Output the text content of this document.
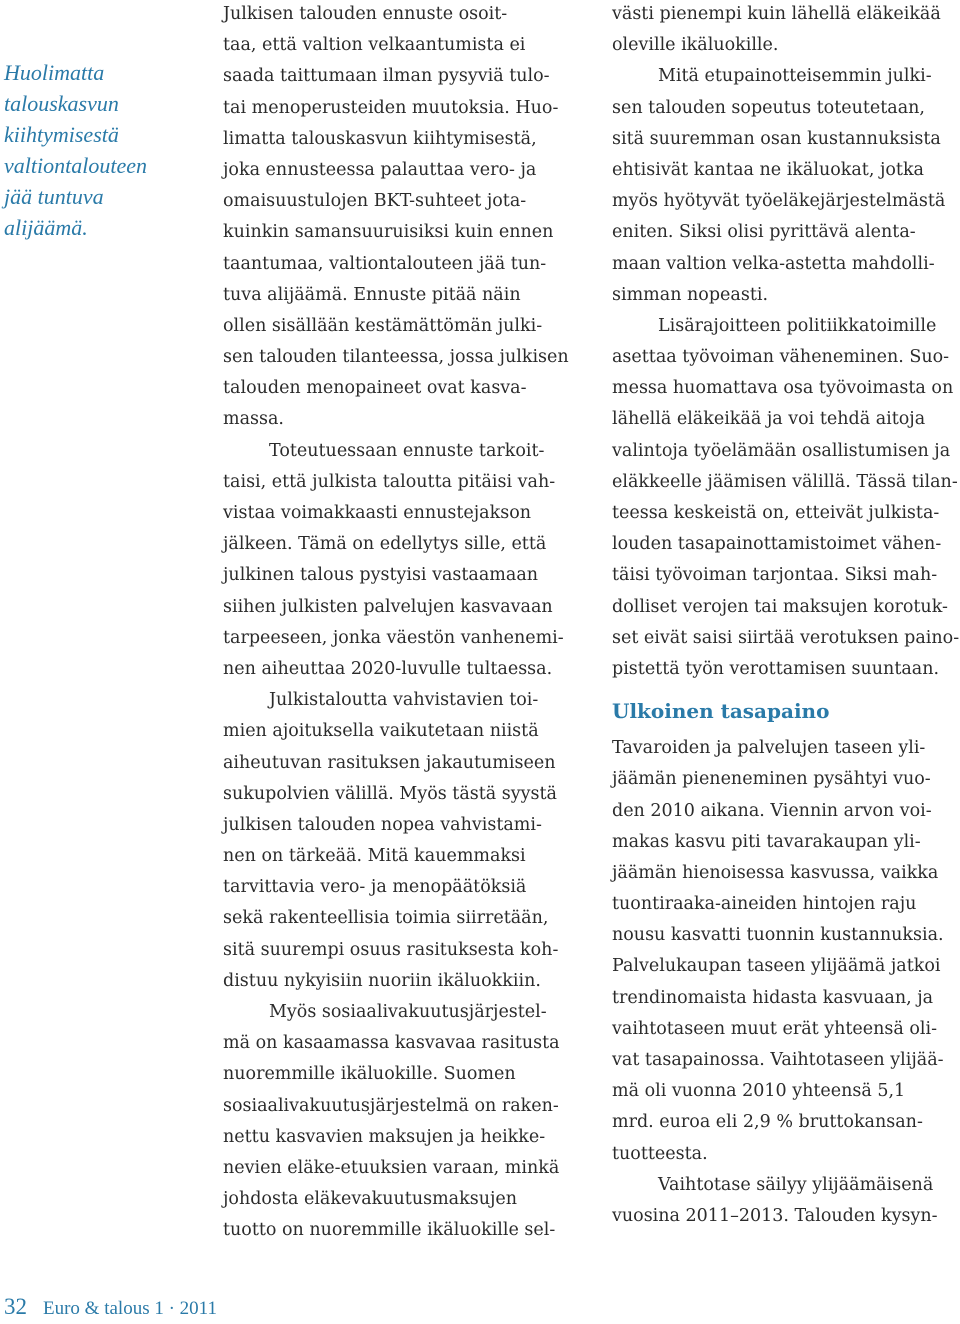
Huolimatta
talouskasvun
kiihtymisestä
valtiontalouteen
jää tuntuva
alijäämä.
Julkisen talouden ennuste osoit-
taa, että valtion velkaantumista ei
saada taittumaan ilman pysyviä tulo-
tai menoperusteiden muutoksia. Huo-
limatta talouskasvun kiihtymisestä,
joka ennusteessa palauttaa vero- ja
omaisuustulojen BKT-suhteet jota-
kuinkin samansuuruisiksi kuin ennen
taantumaa, valtiontalouteen jää tun-
tuva alijäämä. Ennuste pitää näin
ollen sisällään kestämättömän julki-
sen talouden tilanteessa, jossa julkisen
talouden menopaineet ovat kasva-
massa.
Toteutuessaan ennuste tarkoit-
taisi, että julkista taloutta pitäisi vah-
vistaa voimakkaasti ennustejakson
jälkeen. Tämä on edellytys sille, että
julkinen talous pystyisi vastaamaan
siihen julkisten palvelujen kasvavaan
tarpeeseen, jonka väestön vanhenemi-
nen aiheuttaa 2020-luvulle tultaessa.
Julkistaloutta vahvistavien toi-
mien ajoituksella vaikutetaan niistä
aiheutuvan rasituksen jakautumiseen
sukupolvien välillä. Myös tästä syystä
julkisen talouden nopea vahvistami-
nen on tärkeää. Mitä kauemmaksi
tarvittavia vero- ja menopäätöksiä
sekä rakenteellisia toimia siirretään,
sitä suurempi osuus rasituksesta koh-
distuu nykyisiin nuoriin ikäluokkiin.
Myös sosiaalivakuutusjärjestel-
mä on kasaamassa kasvavaa rasitusta
nuoremmille ikäluokille. Suomen
sosiaalivakuutusjärjestelmä on raken-
nettu kasvavien maksujen ja heikke-
nevien eläke-etuuksien varaan, minkä
johdosta eläkevakuutusmaksujen
tuotto on nuoremmille ikäluokille sel-
västi pienempi kuin lähellä eläkeikää
oleville ikäluokille.
Mitä etupainotteisemmin julki-
sen talouden sopeutus toteutetaan,
sitä suuremman osan kustannuksista
ehtisivät kantaa ne ikäluokat, jotka
myös hyötyvät työeläkejärjestelmästä
eniten. Siksi olisi pyrittävä alenta-
maan valtion velka-astetta mahdolli-
simman nopeasti.
Lisärajoitteen politiikkatoimille
asettaa työvoiman väheneminen. Suo-
messa huomattava osa työvoimasta on
lähellä eläkeikää ja voi tehdä aitoja
valintoja työelämään osallistumisen ja
eläkkeelle jäämisen välillä. Tässä tilan-
teessa keskeistä on, etteivät julkista-
louden tasapainottamistoimet vähen-
täisi työvoiman tarjontaa. Siksi mah-
dolliset verojen tai maksujen korotuk-
set eivät saisi siirtää verotuksen paino-
pistettä työn verottamisen suuntaan.
Ulkoinen tasapaino
Tavaroiden ja palvelujen taseen yli-
jäämän pieneneminen pysähtyi vuo-
den 2010 aikana. Viennin arvon voi-
makas kasvu piti tavarakaupan yli-
jäämän hienoisessa kasvussa, vaikka
tuontiraaka-aineiden hintojen raju
nousu kasvatti tuonnin kustannuksia.
Palvelukaupan taseen ylijäämä jatkoi
trendinomaista hidasta kasvuaan, ja
vaihtotaseen muut erät yhteensä oli-
vat tasapainossa. Vaihtotaseen ylijää-
mä oli vuonna 2010 yhteensä 5,1
mrd. euroa eli 2,9 % bruttokansan-
tuotteesta.
Vaihtotase säilyy ylijäämäisenä
vuosina 2011–2013. Talouden kysyn-
32 Euro & talous 1 · 2011
